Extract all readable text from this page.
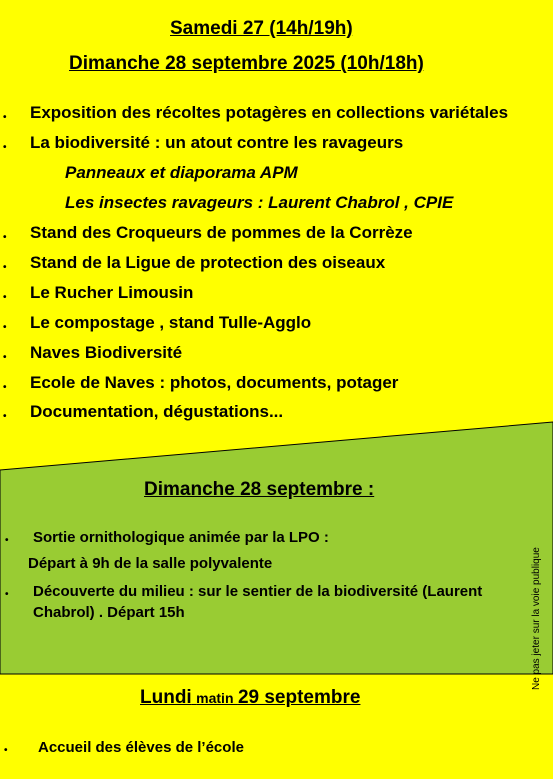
Samedi 27 (14h/19h)
Dimanche 28 septembre 2025 (10h/18h)
• Exposition des récoltes potagères en collections variétales
• La biodiversité : un atout contre les ravageurs
Panneaux et diaporama APM
Les insectes ravageurs : Laurent Chabrol , CPIE
• Stand des Croqueurs de pommes de la Corrèze
• Stand de la Ligue de protection des oiseaux
• Le Rucher Limousin
• Le compostage , stand Tulle-Agglo
• Naves Biodiversité
• Ecole de Naves : photos, documents, potager
• Documentation, dégustations...
Dimanche 28 septembre :
• Sortie ornithologique animée par la LPO :
Départ à 9h de la salle polyvalente
• Découverte du milieu : sur le sentier de la biodiversité (Laurent
Chabrol) . Départ 15h
Lundi matin 29 septembre
• Accueil des élèves de l’école
Ne pas jeter sur la voie publique
